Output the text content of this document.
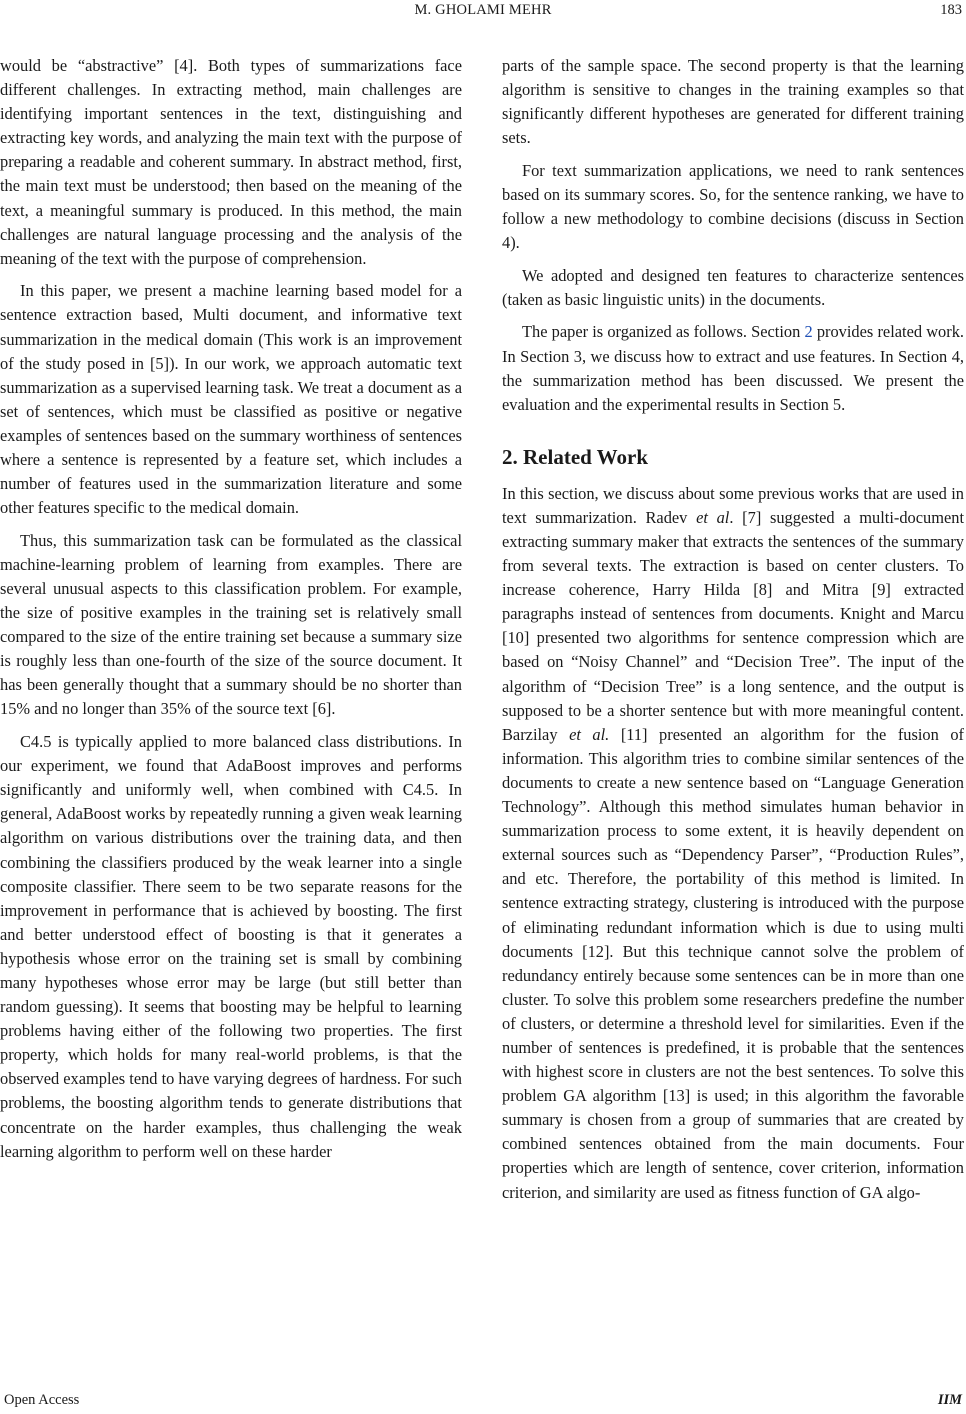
M. GHOLAMI MEHR	183

would be “abstractive” [4]. Both types of summarizations face different challenges. In extracting method, main challenges are identifying important sentences in the text, distinguishing and extracting key words, and analyzing the main text with the purpose of preparing a readable and coherent summary. In abstract method, first, the main text must be understood; then based on the meaning of the text, a meaningful summary is produced. In this method, the main challenges are natural language processing and the analysis of the meaning of the text with the purpose of comprehension.

In this paper, we present a machine learning based model for a sentence extraction based, Multi document, and informative text summarization in the medical domain (This work is an improvement of the study posed in [5]). In our work, we approach automatic text summarization as a supervised learning task. We treat a document as a set of sentences, which must be classified as positive or negative examples of sentences based on the summary worthiness of sentences where a sentence is represented by a feature set, which includes a number of features used in the summarization literature and some other features specific to the medical domain.

Thus, this summarization task can be formulated as the classical machine-learning problem of learning from examples. There are several unusual aspects to this classification problem. For example, the size of positive examples in the training set is relatively small compared to the size of the entire training set because a summary size is roughly less than one-fourth of the size of the source document. It has been generally thought that a summary should be no shorter than 15% and no longer than 35% of the source text [6].

C4.5 is typically applied to more balanced class distributions. In our experiment, we found that AdaBoost improves and performs significantly and uniformly well, when combined with C4.5. In general, AdaBoost works by repeatedly running a given weak learning algorithm on various distributions over the training data, and then combining the classifiers produced by the weak learner into a single composite classifier. There seem to be two separate reasons for the improvement in performance that is achieved by boosting. The first and better understood effect of boosting is that it generates a hypothesis whose error on the training set is small by combining many hypotheses whose error may be large (but still better than random guessing). It seems that boosting may be helpful to learning problems having either of the following two properties. The first property, which holds for many real-world problems, is that the observed examples tend to have varying degrees of hardness. For such problems, the boosting algorithm tends to generate distributions that concentrate on the harder examples, thus challenging the weak learning algorithm to perform well on these harder

parts of the sample space. The second property is that the learning algorithm is sensitive to changes in the training examples so that significantly different hypotheses are generated for different training sets.

For text summarization applications, we need to rank sentences based on its summary scores. So, for the sentence ranking, we have to follow a new methodology to combine decisions (discuss in Section 4).

We adopted and designed ten features to characterize sentences (taken as basic linguistic units) in the documents.

The paper is organized as follows. Section 2 provides related work. In Section 3, we discuss how to extract and use features. In Section 4, the summarization method has been discussed. We present the evaluation and the experimental results in Section 5.

2. Related Work

In this section, we discuss about some previous works that are used in text summarization. Radev et al. [7] suggested a multi-document extracting summary maker that extracts the sentences of the summary from several texts. The extraction is based on center clusters. To increase coherence, Harry Hilda [8] and Mitra [9] extracted paragraphs instead of sentences from documents. Knight and Marcu [10] presented two algorithms for sentence compression which are based on “Noisy Channel” and “Decision Tree”. The input of the algorithm of “Decision Tree” is a long sentence, and the output is supposed to be a shorter sentence but with more meaningful content. Barzilay et al. [11] presented an algorithm for the fusion of information. This algorithm tries to combine similar sentences of the documents to create a new sentence based on “Language Generation Technology”. Although this method simulates human behavior in summarization process to some extent, it is heavily dependent on external sources such as “Dependency Parser”, “Production Rules”, and etc. Therefore, the portability of this method is limited. In sentence extracting strategy, clustering is introduced with the purpose of eliminating redundant information which is due to using multi documents [12]. But this technique cannot solve the problem of redundancy entirely because some sentences can be in more than one cluster. To solve this problem some researchers predefine the number of clusters, or determine a threshold level for similarities. Even if the number of sentences is predefined, it is probable that the sentences with highest score in clusters are not the best sentences. To solve this problem GA algorithm [13] is used; in this algorithm the favorable summary is chosen from a group of summaries that are created by combined sentences obtained from the main documents. Four properties which are length of sentence, cover criterion, information criterion, and similarity are used as fitness function of GA algo-

Open Access	IIM
